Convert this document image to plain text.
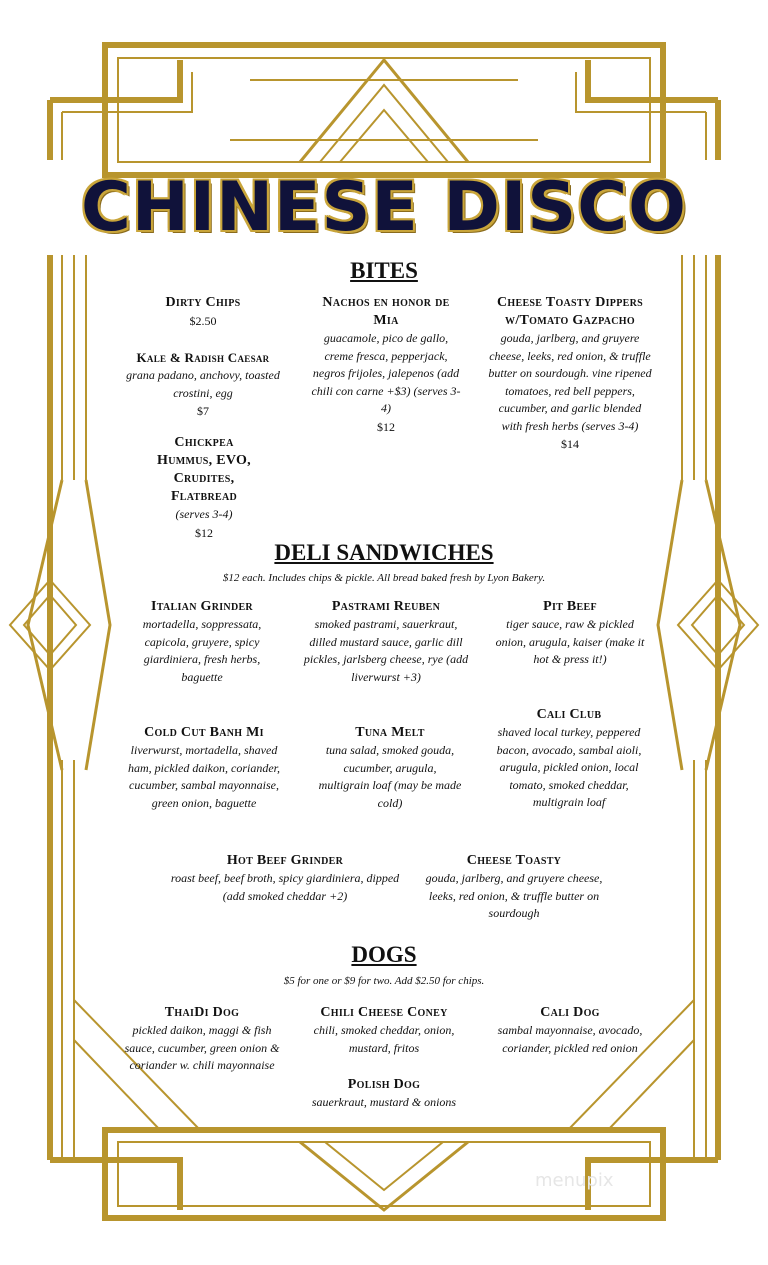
CHINESE DISCO
BITES
Dirty Chips
$2.50
Kale & Radish Caesar
grana padano, anchovy, toasted crostini, egg
$7
Chickpea Hummus, EVO, Crudites, Flatbread
(serves 3-4)
$12
Nachos en honor de Mia
guacamole, pico de gallo, creme fresca, pepperjack, negros frijoles, jalepenos (add chili con carne +$3) (serves 3-4)
$12
Cheese Toasty Dippers w/Tomato Gazpacho
gouda, jarlberg, and gruyere cheese, leeks, red onion, & truffle butter on sourdough. vine ripened tomatoes, red bell peppers, cucumber, and garlic blended with fresh herbs (serves 3-4)
$14
DELI SANDWICHES
$12 each. Includes chips & pickle. All bread baked fresh by Lyon Bakery.
Italian Grinder
mortadella, soppressata, capicola, gruyere, spicy giardiniera, fresh herbs, baguette
Pastrami Reuben
smoked pastrami, sauerkraut, dilled mustard sauce, garlic dill pickles, jarlsberg cheese, rye (add liverwurst +3)
Pit Beef
tiger sauce, raw & pickled onion, arugula, kaiser (make it hot & press it!)
Cold Cut Banh Mi
liverwurst, mortadella, shaved ham, pickled daikon, coriander, cucumber, sambal mayonnaise, green onion, baguette
Tuna Melt
tuna salad, smoked gouda, cucumber, arugula, multigrain loaf (may be made cold)
Cali Club
shaved local turkey, peppered bacon, avocado, sambal aioli, arugula, pickled onion, local tomato, smoked cheddar, multigrain loaf
Hot Beef Grinder
roast beef, beef broth, spicy giardiniera, dipped (add smoked cheddar +2)
Cheese Toasty
gouda, jarlberg, and gruyere cheese, leeks, red onion, & truffle butter on sourdough
DOGS
$5 for one or $9 for two. Add $2.50 for chips.
ThaiDi Dog
pickled daikon, maggi & fish sauce, cucumber, green onion & coriander w. chili mayonnaise
Chili Cheese Coney
chili, smoked cheddar, onion, mustard, fritos
Cali Dog
sambal mayonnaise, avocado, coriander, pickled red onion
Polish Dog
sauerkraut, mustard & onions
menupix
